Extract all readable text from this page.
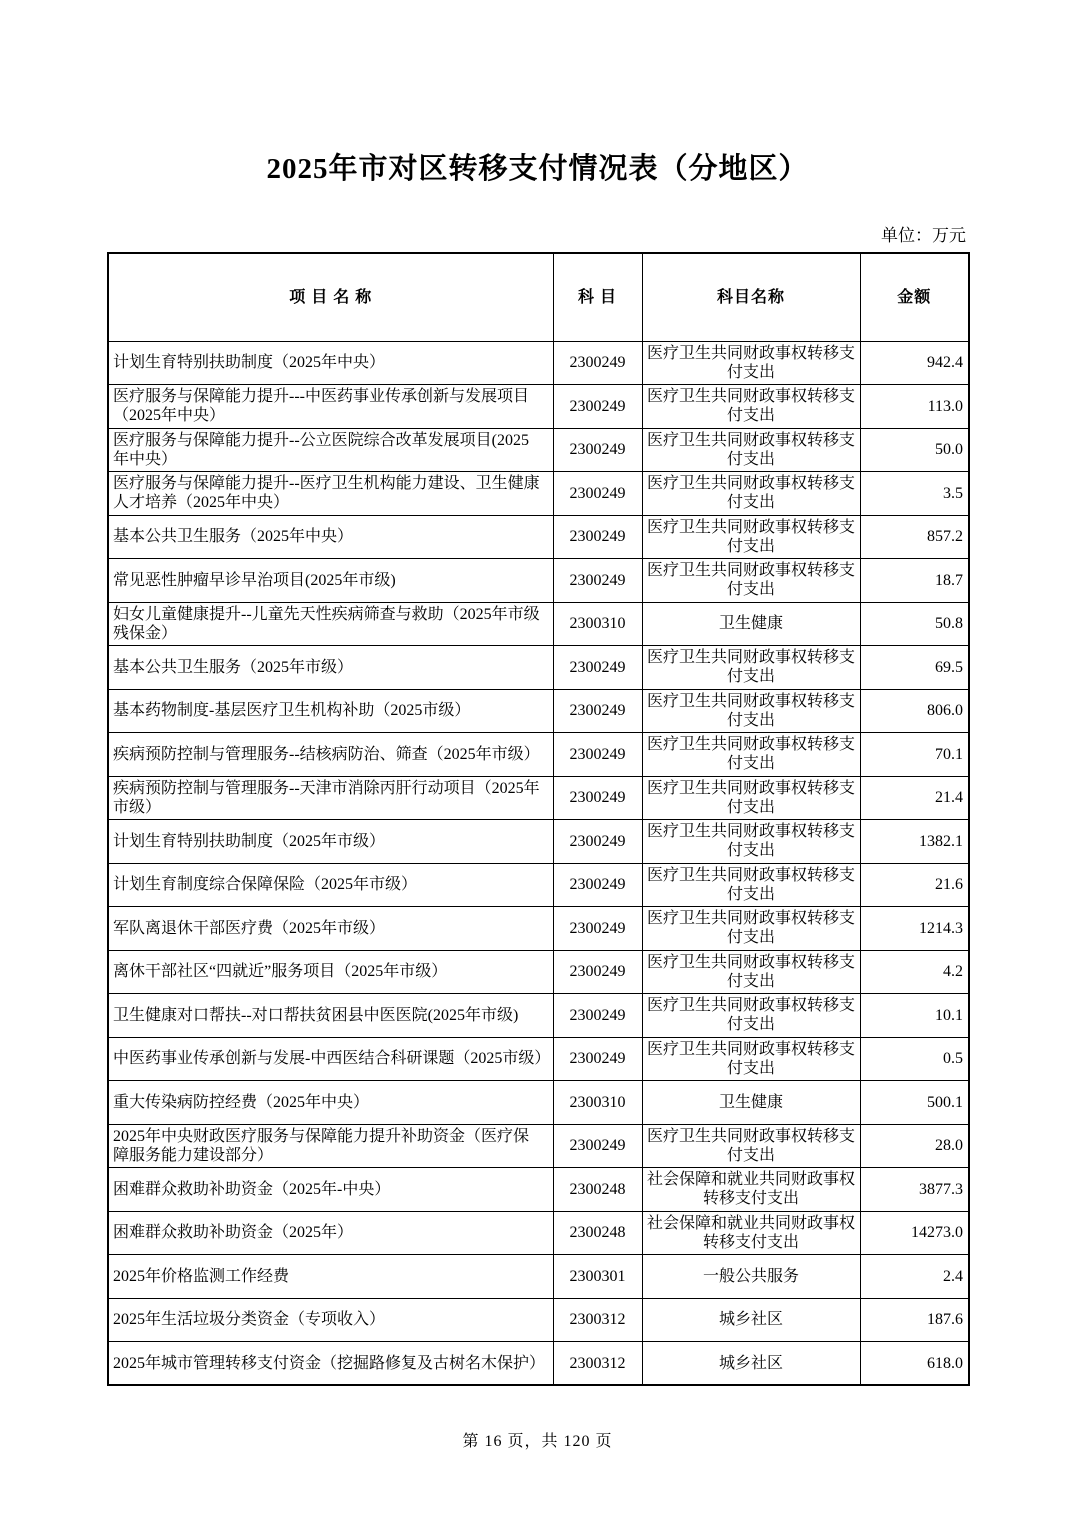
2025年市对区转移支付情况表（分地区）
单位：万元
项 目 名 称	科 目	科目名称	金额
计划生育特别扶助制度（2025年中央）	2300249	医疗卫生共同财政事权转移支付支出	942.4
医疗服务与保障能力提升---中医药事业传承创新与发展项目（2025年中央）	2300249	医疗卫生共同财政事权转移支付支出	113.0
医疗服务与保障能力提升--公立医院综合改革发展项目(2025年中央）	2300249	医疗卫生共同财政事权转移支付支出	50.0
医疗服务与保障能力提升--医疗卫生机构能力建设、卫生健康人才培养（2025年中央）	2300249	医疗卫生共同财政事权转移支付支出	3.5
基本公共卫生服务（2025年中央）	2300249	医疗卫生共同财政事权转移支付支出	857.2
常见恶性肿瘤早诊早治项目(2025年市级)	2300249	医疗卫生共同财政事权转移支付支出	18.7
妇女儿童健康提升--儿童先天性疾病筛查与救助（2025年市级残保金）	2300310	卫生健康	50.8
基本公共卫生服务（2025年市级）	2300249	医疗卫生共同财政事权转移支付支出	69.5
基本药物制度-基层医疗卫生机构补助（2025市级）	2300249	医疗卫生共同财政事权转移支付支出	806.0
疾病预防控制与管理服务--结核病防治、筛查（2025年市级）	2300249	医疗卫生共同财政事权转移支付支出	70.1
疾病预防控制与管理服务--天津市消除丙肝行动项目（2025年市级）	2300249	医疗卫生共同财政事权转移支付支出	21.4
计划生育特别扶助制度（2025年市级）	2300249	医疗卫生共同财政事权转移支付支出	1382.1
计划生育制度综合保障保险（2025年市级）	2300249	医疗卫生共同财政事权转移支付支出	21.6
军队离退休干部医疗费（2025年市级）	2300249	医疗卫生共同财政事权转移支付支出	1214.3
离休干部社区“四就近”服务项目（2025年市级）	2300249	医疗卫生共同财政事权转移支付支出	4.2
卫生健康对口帮扶--对口帮扶贫困县中医医院(2025年市级)	2300249	医疗卫生共同财政事权转移支付支出	10.1
中医药事业传承创新与发展-中西医结合科研课题（2025市级）	2300249	医疗卫生共同财政事权转移支付支出	0.5
重大传染病防控经费（2025年中央）	2300310	卫生健康	500.1
2025年中央财政医疗服务与保障能力提升补助资金（医疗保障服务能力建设部分）	2300249	医疗卫生共同财政事权转移支付支出	28.0
困难群众救助补助资金（2025年-中央）	2300248	社会保障和就业共同财政事权转移支付支出	3877.3
困难群众救助补助资金（2025年）	2300248	社会保障和就业共同财政事权转移支付支出	14273.0
2025年价格监测工作经费	2300301	一般公共服务	2.4
2025年生活垃圾分类资金（专项收入）	2300312	城乡社区	187.6
2025年城市管理转移支付资金（挖掘路修复及古树名木保护）	2300312	城乡社区	618.0
第 16 页，共 120 页
